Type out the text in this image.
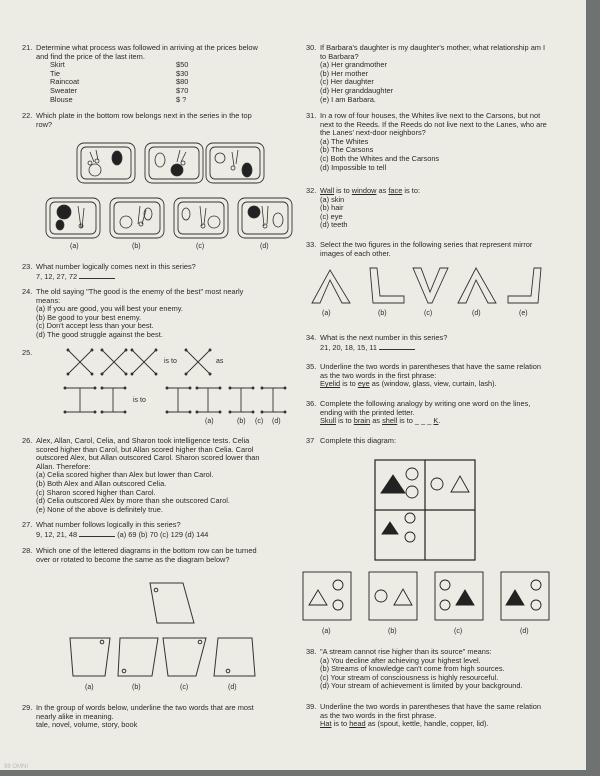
21. Determine what process was followed in arriving at the prices below
and find the price of the last item.
Skirt	$50
Tie	$30
Raincoat	$80
Sweater	$70
Blouse	$ ?
22. Which plate in the bottom row belongs next in the series in the top
row?
(a)	(b)	(c)	(d)
23. What number logically comes next in this series?
7, 12, 27, 72
24. The old saying "The good is the enemy of the best" most nearly
means:
(a) If you are good, you will best your enemy.
(b) Be good to your best enemy.
(c) Don't accept less than your best.
(d) The good struggle against the best.
25.
is to	as
is to
(a)	(b) (c) (d)
26. Alex, Allan, Carol, Celia, and Sharon took intelligence tests. Celia
scored higher than Carol, but Allan scored higher than Celia. Carol
outscored Alex, but Allan outscored Carol. Sharon scored lower than
Allan. Therefore:
(a) Celia scored higher than Alex but lower than Carol.
(b) Both Alex and Allan outscored Celia.
(c) Sharon scored higher than Carol.
(d) Celia outscored Alex by more than she outscored Carol.
(e) None of the above is definitely true.
27. What number follows logically in this series?
9, 12, 21, 48	(a) 69 (b) 70 (c) 129 (d) 144
28. Which one of the lettered diagrams in the bottom row can be turned
over or rotated to become the same as the diagram below?
(a)	(b)	(c)	(d)
29. In the group of words below, underline the two words that are most
nearly alike in meaning.
tale, novel, volume, story, book
30. If Barbara's daughter is my daughter's mother, what relationship am I
to Barbara?
(a) Her grandmother
(b) Her mother
(c) Her daughter
(d) Her granddaughter
(e) I am Barbara.
31. In a row of four houses, the Whites live next to the Carsons, but not
next to the Reeds. If the Reeds do not live next to the Lanes, who are
the Lanes' next-door neighbors?
(a) The Whites
(b) The Carsons
(c) Both the Whites and the Carsons
(d) Impossible to tell
32. Wall is to window as face is to:
(a) skin
(b) hair
(c) eye
(d) teeth
33. Select the two figures in the following series that represent mirror
images of each other.
(a)	(b)	(c)	(d)	(e)
34. What is the next number in this series?
21, 20, 18, 15, 11
35. Underline the two words in parentheses that have the same relation
as the two words in the first phrase:
Eyelid is to eye as (window, glass, view, curtain, lash).
36. Complete the following analogy by writing one word on the lines,
ending with the printed letter.
Skull is to brain as shell is to _ _ _ K.
37 Complete this diagram:
(a)	(b)	(c)	(d)
38. "A stream cannot rise higher than its source" means:
(a) You decline after achieving your highest level.
(b) Streams of knowledge can't come from high sources.
(c) Your stream of consciousness is highly resourceful.
(d) Your stream of achievement is limited by your background.
39. Underline the two words in parentheses that have the same relation
as the two words in the first phrase.
Hat is to head as (spout, kettle, handle, copper, lid).
98 OMNI
